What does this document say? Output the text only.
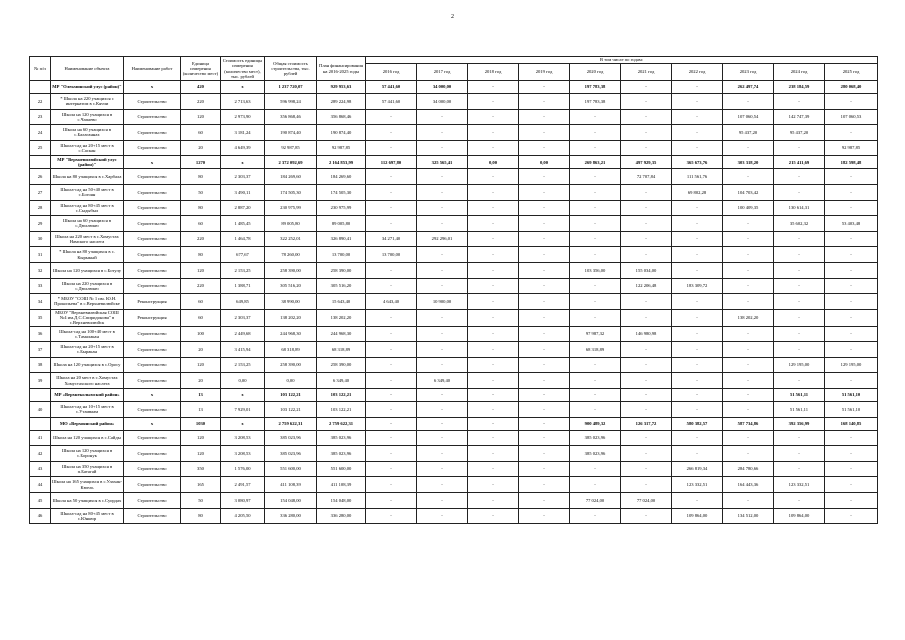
2
№ п/п	Наименование объекта	Наименование работ	Единица измерения (количество мест)	Стоимость единицы измерения (количество мест), тыс. рублей	Общая стоимость строительства, тыс. рублей	План финансирования на 2016-2025 годы	В том числе по годам:									
							2016 год	2017 год	2018 год	2019 год	2020 год	2021 год	2022 год	2023 год	2024 год	2025 год
	МР "Олекминский улус (район)"	x	420	x	1 237 720,07	929 953,63	57 441,60	34 000,00	-	-	197 783,38	-	-	262 497,74	238 184,59	280 068,40
22	* Школа на 220 учащихся с интернатом в с.Кяччи	Строительство	220	2 713,63	596 998,24	289 224,98	57 441,60	34 000,00	-	-	197 783,38	-	-	-	-	-
23	Школа на 120 учащихся в с.Чапаево	Строительство	120	2 973,90	356 868,46	356 868,46	-	-	-	-	-	-	-	107 060,54	142 747,39	107 060,53
24	Школа на 60 учащихся в с.Балаганнах	Строительство	60	3 181,24	190 874,40	190 874,40	-	-	-	-	-	-	-	95 437,20	95 437,20	-
25	Школа-сад на 20+15 мест в с.Саскан	Строительство	20	4 649,39	92 987,85	92 987,85	-	-	-	-	-	-	-	-	-	92 987,85
	МР "Верхневилюйский улус (район)"	x	1270	x	2 372 092,69	2 164 853,99	112 697,80	325 565,41	0,00	0,00	269 863,21	497 929,35	365 673,76	303 318,20	215 411,69	182 598,48
26	Школа на 80 учащихся в с.Харбала	Строительство	80	2 303,37	184 269,60	184 269,60	-	-	-	-	-	72 707,84	111 561,76	-	-	-
27	Школа-сад на 50+40 мест в с.Богоян	Строительство	50	3 490,11	174 505,30	174 505,30	-	-	-	-	-	-	69 802,28	104 703,42	-	-
28	Школа-сад на 80+45 мест в с.Сыдыбыл	Строительство	80	2 887,20	230 975,99	230 975,99	-	-	-	-	-	-	-	100 409,35	130 614,31	-
29	Школа на 60 учащихся в с.Дюллюкю	Строительство	60	1 485,45	89 005,80	89 005,80	-	-	-	-	-	-	-	-	35 602,32	53 403,48
30	Школа на 220 мест в с.Хомустах Намского наслега	Строительство	220	1 464,78	322 252,01	326 890,41	34 271,40	292 296,01	-	-	-	-	-	-	-	-
31	* Школа на 80 учащихся в с. Кырыкый	Строительство	80	677,67	78 260,00	13 700,00	13 700,00	-	-	-	-	-	-	-	-	-
32	Школа на 120 учащихся в с.Ботулу	Строительство	120	2 153,25	258 390,00	258 390,00	-	-	-	-	103 356,00	155 034,00	-	-	-	-
33	Школа на 220 учащихся в с.Дюллюкю	Строительство	220	1 388,71	305 516,20	305 516,20	-	-	-	-	-	122 206,48	183 309,72	-	-	-
34	* МБОУ "СОШ № 1 им. Ю.Н. Прокопьева" в с.Верхневилюйске	Реконструкция	60	649,85	38 990,00	15 643,40	4 643,40	10 900,00	-	-	-	-	-	-	-	-
35	МБОУ "Верхневилюйская СОШ №4 им.Д.С.Спиридонова" в с.Верхневилюйск	Реконструкция	60	2 303,37	138 202,20	138 202,20	-	-	-	-	-	-	-	138 202,20	-	-
36	Школа-сад на 100+40 мест в с.Тамалакан	Строительство	100	2 449,68	244 968,30	244 968,30	-	-	-	-	97 987,32	146 980,98	-	-	-	-
37	Школа-сад на 20+15 мест в с.Быракан	Строительство	20	3 415,94	68 318,89	68 318,89	-	-	-	-	68 318,89	-	-	-	-	-
38	Школа на 120 учащихся в с.Оросу	Строительство	120	2 153,25	258 390,00	258 390,00	-	-	-	-	-	-	-	-	129 195,00	129 195,00
39	Школа на 20 мест в с.Хомустах Хомустахского наслега	Строительство	20	0,00	0,00	6 349,40	-	6 349,40	-	-	-	-	-	-	-	-
	МР «Верхнеколымский район»	x	13	x	103 122,21	103 122,21	-	-	-	-	-	-	-	-	51 561,11	51 561,10
40	Школа-сад на 10+15 мест в с.Утаиваам	Строительство	13	7 929,01	103 122,21	103 122,21	-	-	-	-	-	-	-	-	51 561,11	51 561,10
	МО «Верхоянский район»	x	1030	x	2 759 622,31	2 759 622,31	-	-	-	-	900 489,32	126 317,72	580 382,57	587 734,86	392 356,99	168 140,85
41	Школа на 120 учащихся в с.Сайды	Строительство	120	3 208,53	385 023,96	385 023,96	-	-	-	-	385 023,96	-	-	-	-	-
42	Школа на 120 учащихся в с.Боронук	Строительство	120	3 208,53	385 023,96	385 023,96	-	-	-	-	385 023,96	-	-	-	-	-
43	Школа на 350 учащихся в п.Батагай	Строительство	350	1 576,00	551 600,00	551 600,00	-	-	-	-	-	-	266 819,34	284 780,66	-	-
44	Школа на 165 учащихся в с.Улахан-Кюель	Строительство	165	2 491,57	411 108,39	411 108,39	-	-	-	-	-	-	123 332,51	164 443,36	123 332,51	-
45	Школа на 50 учащихся в с.Суордах	Строительство	50	3 080,97	154 048,00	154 048,00	-	-	-	-	77 024,00	77 024,00	-	-	-	-
46	Школа-сад на 80+45 мест в с.Юнкюр	Строительство	80	4 205,50	336 280,00	336 280,00	-	-	-	-	-	-	109 864,00	134 512,00	109 864,00	-
